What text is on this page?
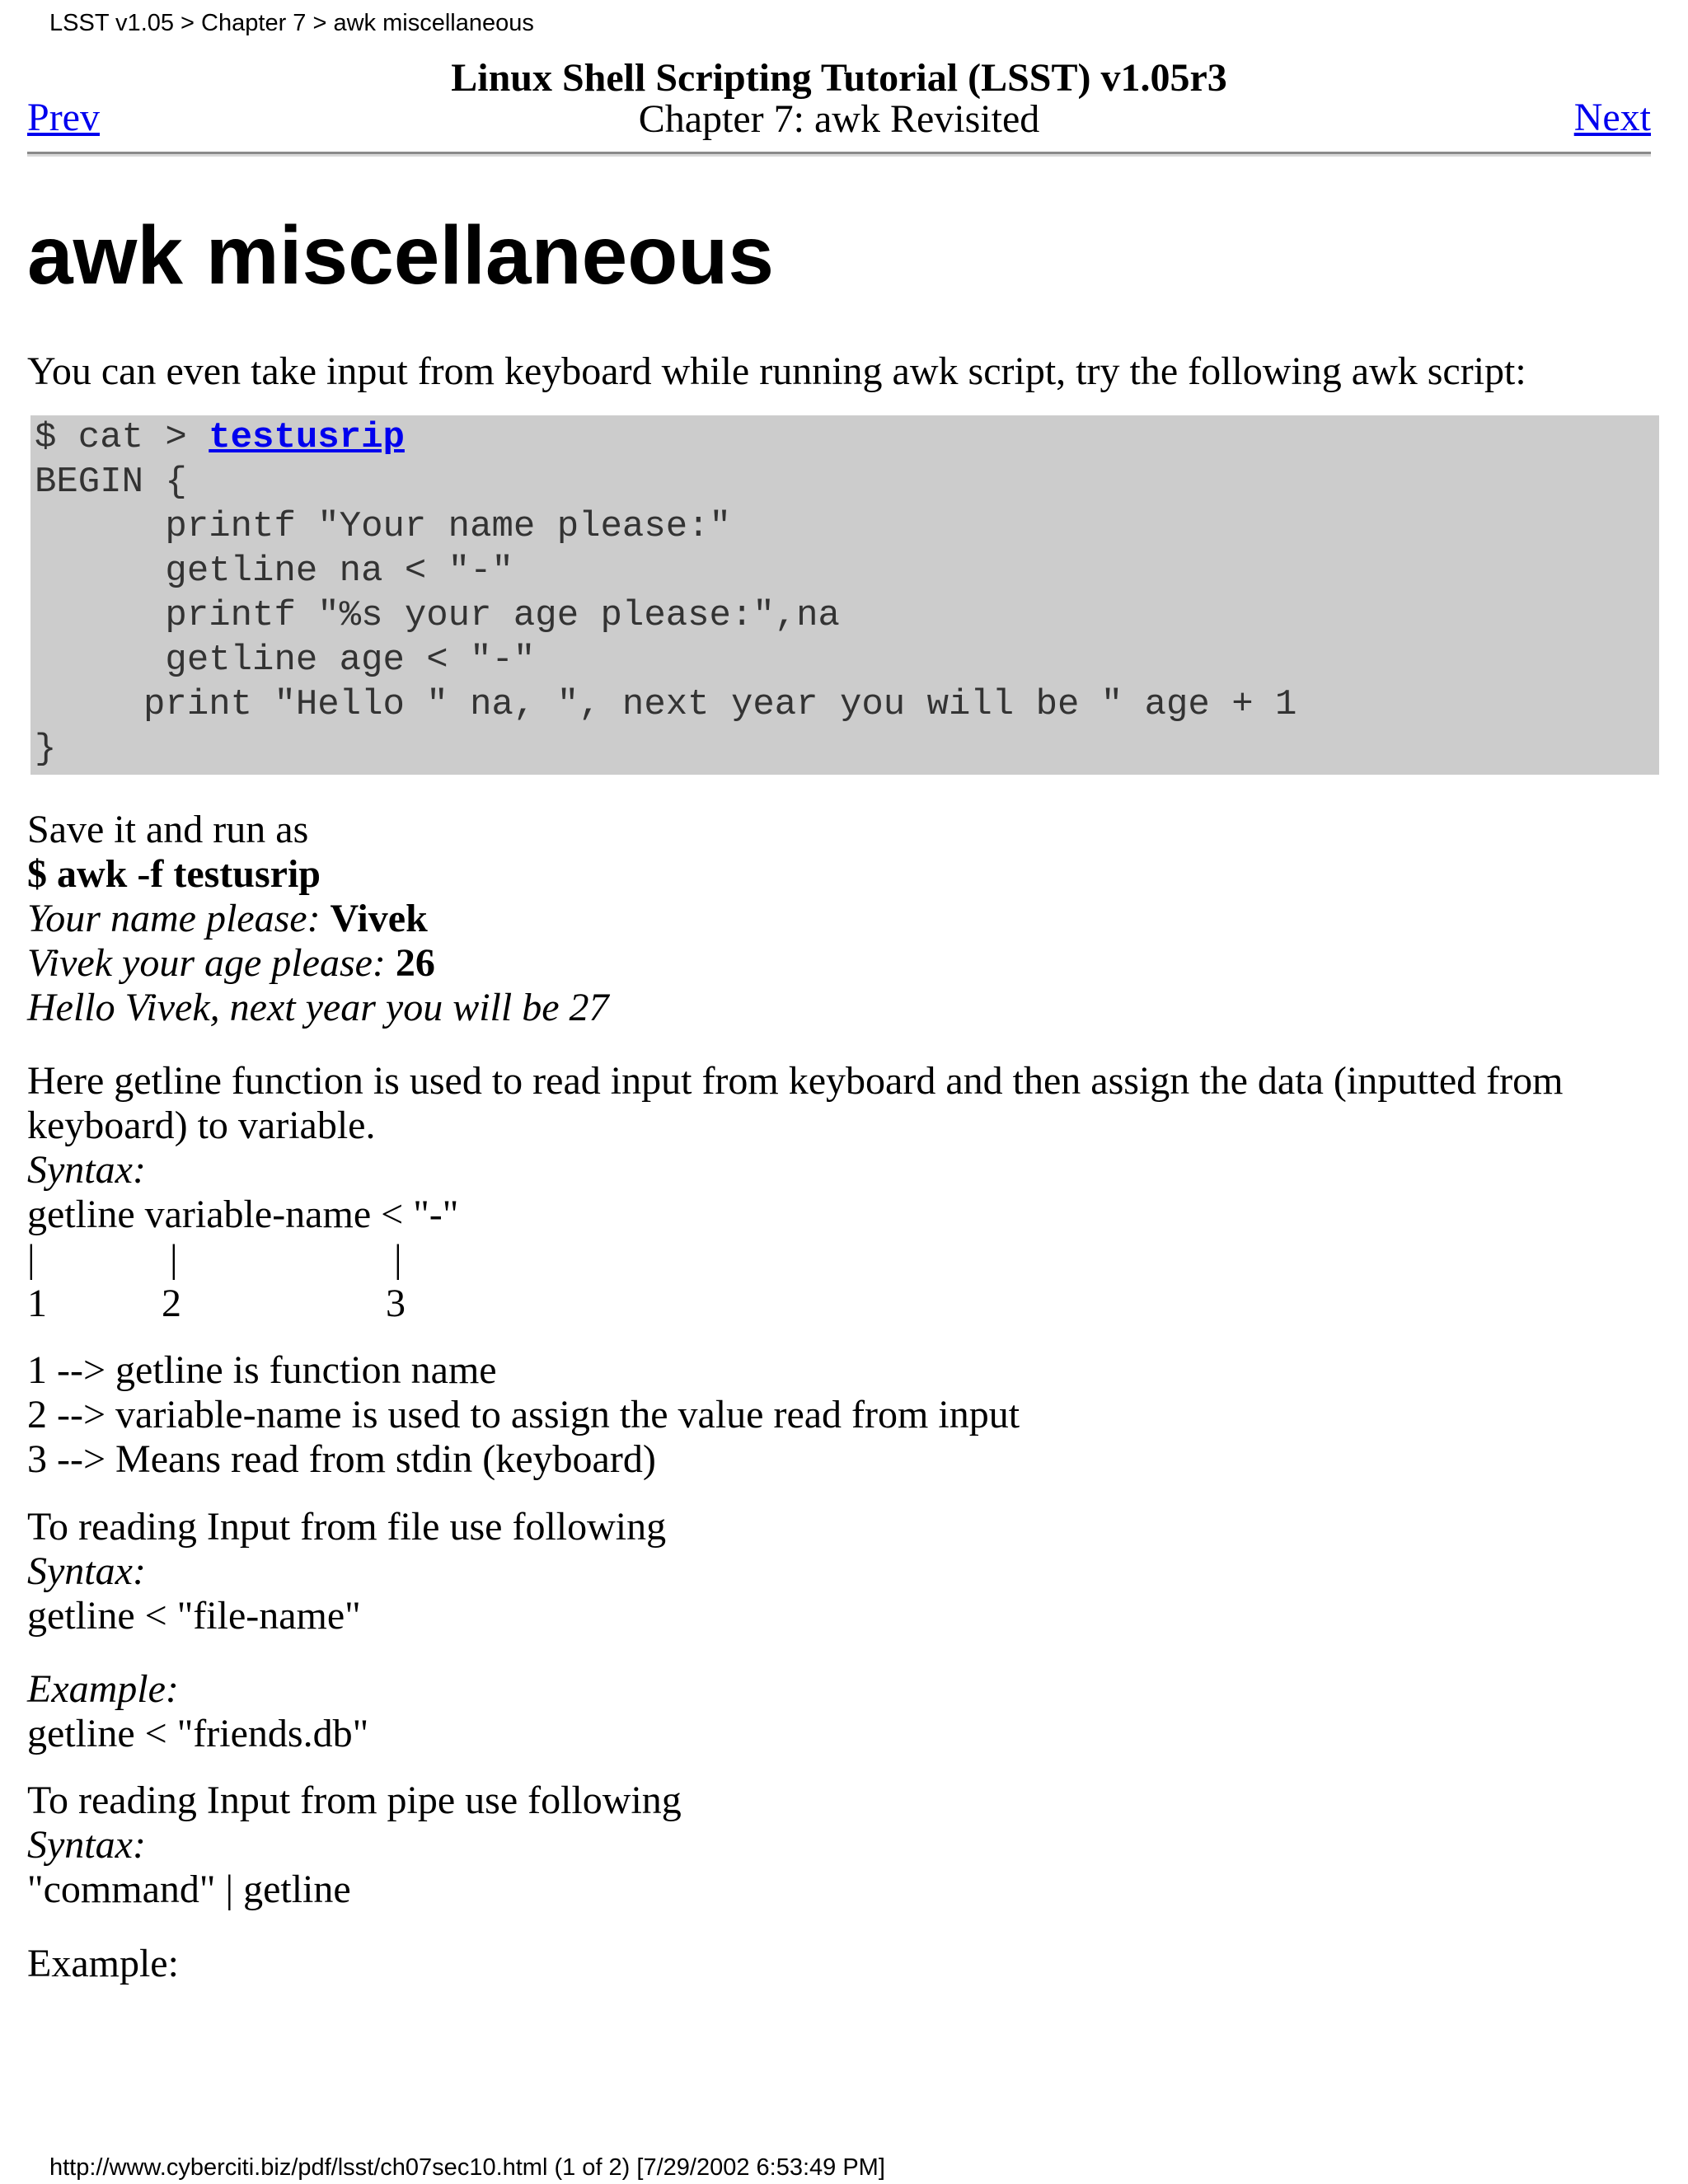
LSST v1.05 > Chapter 7 > awk miscellaneous
Linux Shell Scripting Tutorial (LSST) v1.05r3
Chapter 7: awk Revisited
Prev	Next
awk miscellaneous

You can even take input from keyboard while running awk script, try the following awk script:

$ cat > testusrip
BEGIN {
printf "Your name please:"
getline na < "-"
printf "%s your age please:",na
getline age < "-"
print "Hello " na, ", next year you will be " age + 1
}
Save it and run as
$ awk -f testusrip
Your name please: Vivek
Vivek your age please: 26
Hello Vivek, next year you will be 27
Here getline function is used to read input from keyboard and then assign the data (inputted from keyboard) to variable.
Syntax:
getline variable-name < "-"
|	|	|
1	2	3
1 --> getline is function name
2 --> variable-name is used to assign the value read from input
3 --> Means read from stdin (keyboard)
To reading Input from file use following
Syntax:
getline < "file-name"
Example:
getline < "friends.db"
To reading Input from pipe use following
Syntax:
"command" | getline
Example:
http://www.cyberciti.biz/pdf/lsst/ch07sec10.html (1 of 2) [7/29/2002 6:53:49 PM]
